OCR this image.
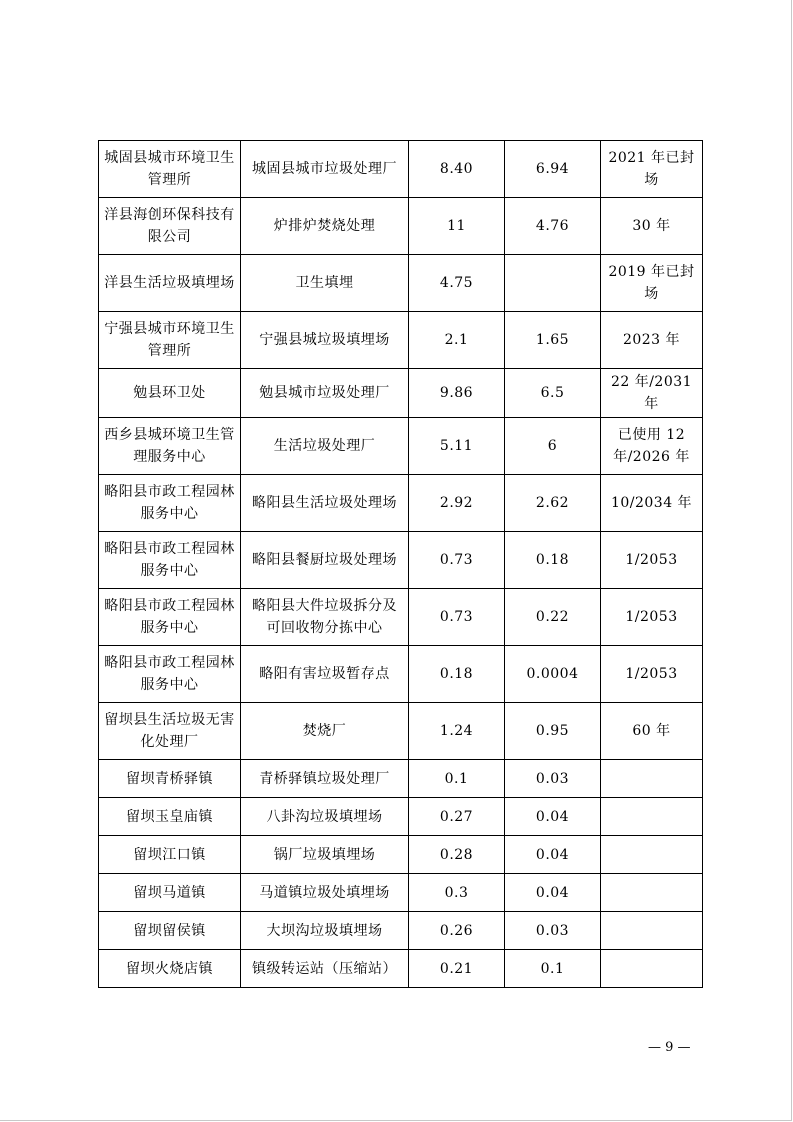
城固县城市环境卫生管理所	城固县城市垃圾处理厂	8.40	6.94	2021 年已封场
洋县海创环保科技有限公司	炉排炉焚烧处理	11	4.76	30 年
洋县生活垃圾填埋场	卫生填埋	4.75		2019 年已封场
宁强县城市环境卫生管理所	宁强县城垃圾填埋场	2.1	1.65	2023 年
勉县环卫处	勉县城市垃圾处理厂	9.86	6.5	22 年/2031 年
西乡县城环境卫生管理服务中心	生活垃圾处理厂	5.11	6	已使用 12 年/2026 年
略阳县市政工程园林服务中心	略阳县生活垃圾处理场	2.92	2.62	10/2034 年
略阳县市政工程园林服务中心	略阳县餐厨垃圾处理场	0.73	0.18	1/2053
略阳县市政工程园林服务中心	略阳县大件垃圾拆分及可回收物分拣中心	0.73	0.22	1/2053
略阳县市政工程园林服务中心	略阳有害垃圾暂存点	0.18	0.0004	1/2053
留坝县生活垃圾无害化处理厂	焚烧厂	1.24	0.95	60 年
留坝青桥驿镇	青桥驿镇垃圾处理厂	0.1	0.03	
留坝玉皇庙镇	八卦沟垃圾填埋场	0.27	0.04	
留坝江口镇	锅厂垃圾填埋场	0.28	0.04	
留坝马道镇	马道镇垃圾处填埋场	0.3	0.04	
留坝留侯镇	大坝沟垃圾填埋场	0.26	0.03	
留坝火烧店镇	镇级转运站（压缩站）	0.21	0.1	
— 9 —
